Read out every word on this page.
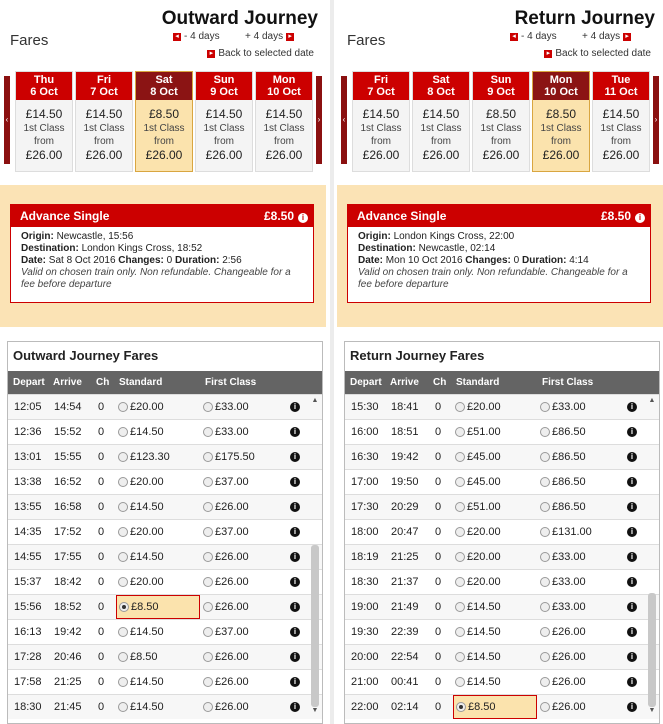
Outward Journey
Fares	◂ - 4 days	+ 4 days ▸
▸ Back to selected date
‹	›
Thu
6 Oct
£14.50
1st Class
from
£26.00
Fri
7 Oct
£14.50
1st Class
from
£26.00
Sat
8 Oct
£8.50
1st Class
from
£26.00
Sun
9 Oct
£14.50
1st Class
from
£26.00
Mon
10 Oct
£14.50
1st Class
from
£26.00
Advance Single	£8.50 i
Origin: Newcastle, 15:56
Destination: London Kings Cross, 18:52
Date: Sat 8 Oct 2016 Changes: 0 Duration: 2:56
Valid on chosen train only. Non refundable. Changeable for a fee before departure
Outward Journey Fares
Depart Arrive Ch Standard	First Class
12:05 14:54 0 £20.00	£33.00	i
12:36 15:52 0 £14.50	£33.00	i
13:01 15:55 0 £123.30	£175.50	i
13:38 16:52 0 £20.00	£37.00	i
13:55 16:58 0 £14.50	£26.00	i
14:35 17:52 0 £20.00	£37.00	i
14:55 17:55 0 £14.50	£26.00	i
15:37 18:42 0 £20.00	£26.00	i
15:56 18:52 0 £8.50	£26.00	i
16:13 19:42 0 £14.50	£37.00	i
17:28 20:46 0 £8.50	£26.00	i
17:58 21:25 0 £14.50	£26.00	i
18:30 21:45 0 £14.50	£26.00	i
▲
▼
Return Journey
Fares	◂ - 4 days	+ 4 days ▸
▸ Back to selected date
‹	›
Fri
7 Oct
£14.50
1st Class
from
£26.00
Sat
8 Oct
£14.50
1st Class
from
£26.00
Sun
9 Oct
£8.50
1st Class
from
£26.00
Mon
10 Oct
£8.50
1st Class
from
£26.00
Tue
11 Oct
£14.50
1st Class
from
£26.00
Advance Single	£8.50 i
Origin: London Kings Cross, 22:00
Destination: Newcastle, 02:14
Date: Mon 10 Oct 2016 Changes: 0 Duration: 4:14
Valid on chosen train only. Non refundable. Changeable for a fee before departure
Return Journey Fares
Depart Arrive Ch Standard	First Class
15:30 18:41 0 £20.00	£33.00	i
16:00 18:51 0 £51.00	£86.50	i
16:30 19:42 0 £45.00	£86.50	i
17:00 19:50 0 £45.00	£86.50	i
17:30 20:29 0 £51.00	£86.50	i
18:00 20:47 0 £20.00	£131.00	i
18:19 21:25 0 £20.00	£33.00	i
18:30 21:37 0 £20.00	£33.00	i
19:00 21:49 0 £14.50	£33.00	i
19:30 22:39 0 £14.50	£26.00	i
20:00 22:54 0 £14.50	£26.00	i
21:00 00:41 0 £14.50	£26.00	i
22:00 02:14 0 £8.50	£26.00	i
▲
▼
